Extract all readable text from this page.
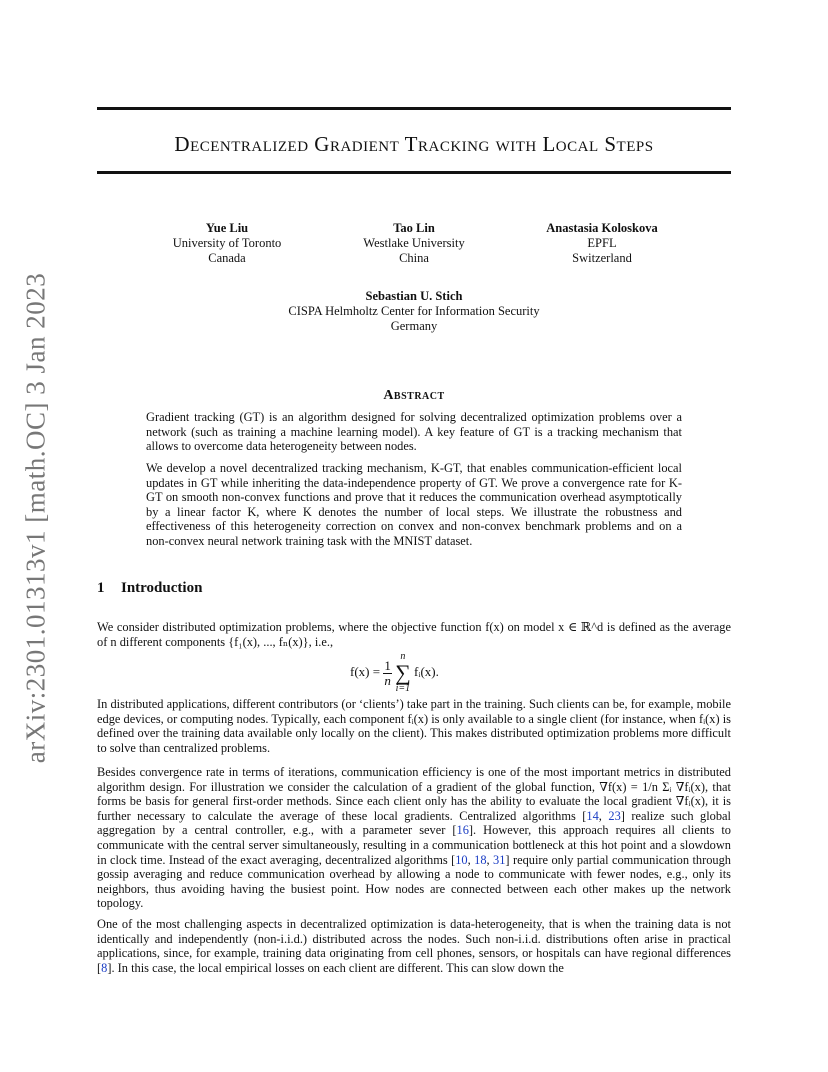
arXiv:2301.01313v1 [math.OC] 3 Jan 2023
Decentralized Gradient Tracking with Local Steps
Yue Liu
University of Toronto
Canada
Tao Lin
Westlake University
China
Anastasia Koloskova
EPFL
Switzerland
Sebastian U. Stich
CISPA Helmholtz Center for Information Security
Germany
Abstract
Gradient tracking (GT) is an algorithm designed for solving decentralized optimization problems over a network (such as training a machine learning model). A key feature of GT is a tracking mechanism that allows to overcome data heterogeneity between nodes.
We develop a novel decentralized tracking mechanism, K-GT, that enables communication-efficient local updates in GT while inheriting the data-independence property of GT. We prove a convergence rate for K-GT on smooth non-convex functions and prove that it reduces the communication overhead asymptotically by a linear factor K, where K denotes the number of local steps. We illustrate the robustness and effectiveness of this heterogeneity correction on convex and non-convex benchmark problems and on a non-convex neural network training task with the MNIST dataset.
1 Introduction
We consider distributed optimization problems, where the objective function f(x) on model x ∈ ℝ^d is defined as the average of n different components {f₁(x), ..., fₙ(x)}, i.e.,
$f(x) = \frac{1}{n}$

n
∑
i=1
fᵢ(x).
In distributed applications, different contributors (or ‘clients’) take part in the training. Such clients can be, for example, mobile edge devices, or computing nodes. Typically, each component fᵢ(x) is only available to a single client (for instance, when fᵢ(x) is defined over the training data available only locally on the client). This makes distributed optimization problems more difficult to solve than centralized problems.
Besides convergence rate in terms of iterations, communication efficiency is one of the most important metrics in distributed algorithm design. For illustration we consider the calculation of a gradient of the global function, ∇f(x) = 1/n Σᵢ ∇fᵢ(x), that forms be basis for general first-order methods. Since each client only has the ability to evaluate the local gradient ∇fᵢ(x), it is further necessary to calculate the average of these local gradients. Centralized algorithms [14, 23] realize such global aggregation by a central controller, e.g., with a parameter sever [16]. However, this approach requires all clients to communicate with the central server simultaneously, resulting in a communication bottleneck at this hot point and a slowdown in clock time. Instead of the exact averaging, decentralized algorithms [10, 18, 31] require only partial communication through gossip averaging and reduce communication overhead by allowing a node to communicate with fewer nodes, e.g., only its neighbors, thus avoiding having the busiest point. How nodes are connected between each other makes up the network topology.
One of the most challenging aspects in decentralized optimization is data-heterogeneity, that is when the training data is not identically and independently (non-i.i.d.) distributed across the nodes. Such non-i.i.d. distributions often arise in practical applications, since, for example, training data originating from cell phones, sensors, or hospitals can have regional differences [8]. In this case, the local empirical losses on each client are different. This can slow down the
